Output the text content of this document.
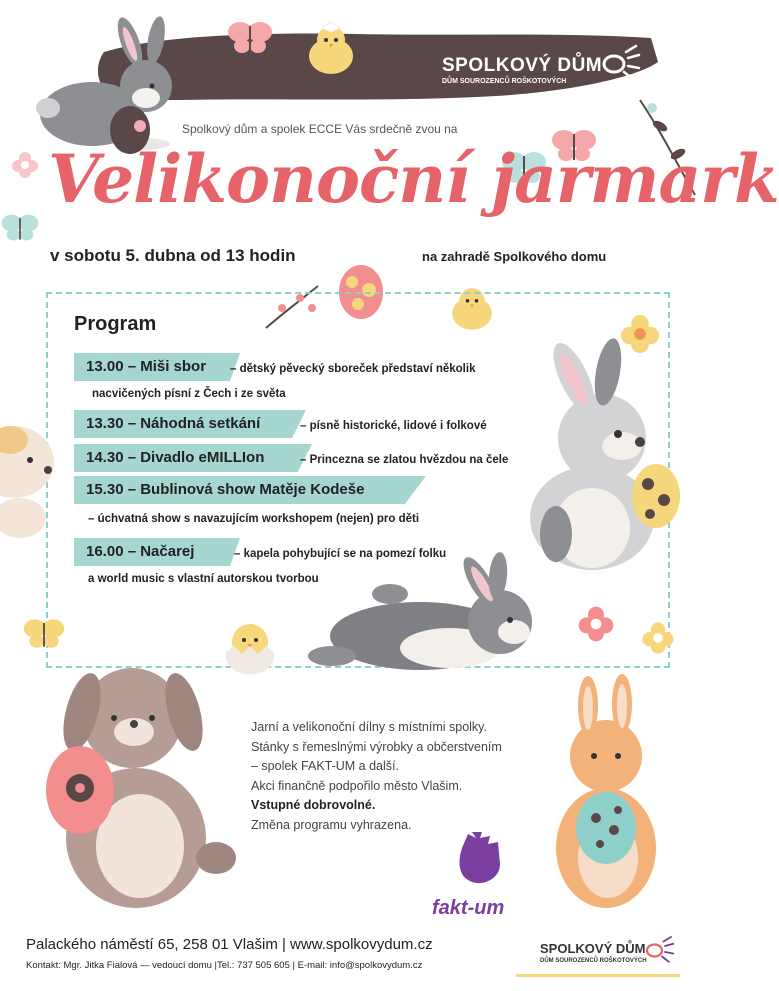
SPOLKOVÝ DŮM
DŮM SOUROZENCŮ ROŠKOTOVÝCH
Spolkový dům a spolek ECCE Vás srdečně zvou na
Velikonoční jarmark
v sobotu 5. dubna od 13 hodin	na zahradě Spolkového domu
Program
13.00 – Miši sbor – dětský pěvecký sboreček představí několik
nacvičených písní z Čech i ze světa
13.30 – Náhodná setkání	– písně historické, lidové i folkové
14.30 – Divadlo eMILLIon	– Princezna se zlatou hvězdou na čele
15.30 – Bublinová show Matěje Kodeše
– úchvatná show s navazujícím workshopem (nejen) pro děti
16.00 – Načarej	– kapela pohybující se na pomezí folku
a world music s vlastní autorskou tvorbou
Jarní a velikonoční dílny s místními spolky.
Stánky s řemeslnými výrobky a občerstvením
– spolek FAKT-UM a další.
Akci finančně podpořilo město Vlašim.
Vstupné dobrovolné.
Změna programu vyhrazena.
fakt-um
Palackého náměstí 65, 258 01 Vlašim | www.spolkovydum.cz
Kontakt: Mgr. Jitka Fialová — vedoucí domu |Tel.: 737 505 605 | E-mail: info@spolkovydum.cz
SPOLKOVÝ DŮM
DŮM SOUROZENCŮ ROŠKOTOVÝCH
